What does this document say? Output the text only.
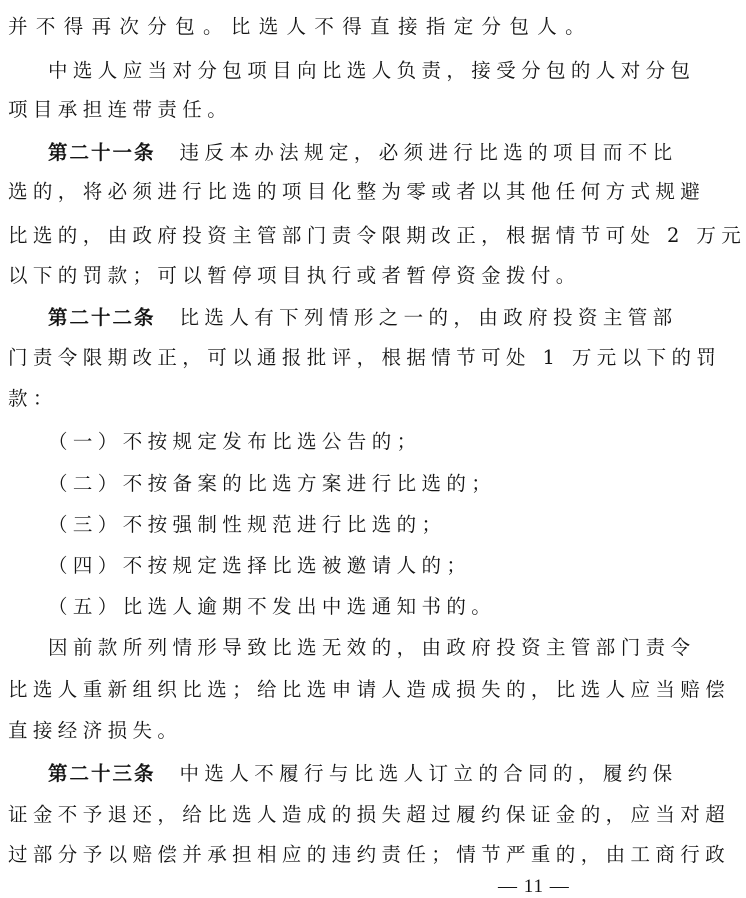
并不得再次分包。比选人不得直接指定分包人。
中选人应当对分包项目向比选人负责，接受分包的人对分包
项目承担连带责任。
第二十一条 违反本办法规定，必须进行比选的项目而不比
选的，将必须进行比选的项目化整为零或者以其他任何方式规避
比选的，由政府投资主管部门责令限期改正，根据情节可处 2 万元
以下的罚款；可以暂停项目执行或者暂停资金拨付。
第二十二条 比选人有下列情形之一的，由政府投资主管部
门责令限期改正，可以通报批评，根据情节可处 1 万元以下的罚
款：
（一）不按规定发布比选公告的；
（二）不按备案的比选方案进行比选的；
（三）不按强制性规范进行比选的；
（四）不按规定选择比选被邀请人的；
（五）比选人逾期不发出中选通知书的。
因前款所列情形导致比选无效的，由政府投资主管部门责令
比选人重新组织比选；给比选申请人造成损失的，比选人应当赔偿
直接经济损失。
第二十三条 中选人不履行与比选人订立的合同的，履约保
证金不予退还，给比选人造成的损失超过履约保证金的，应当对超
过部分予以赔偿并承担相应的违约责任；情节严重的，由工商行政
— 11 —
